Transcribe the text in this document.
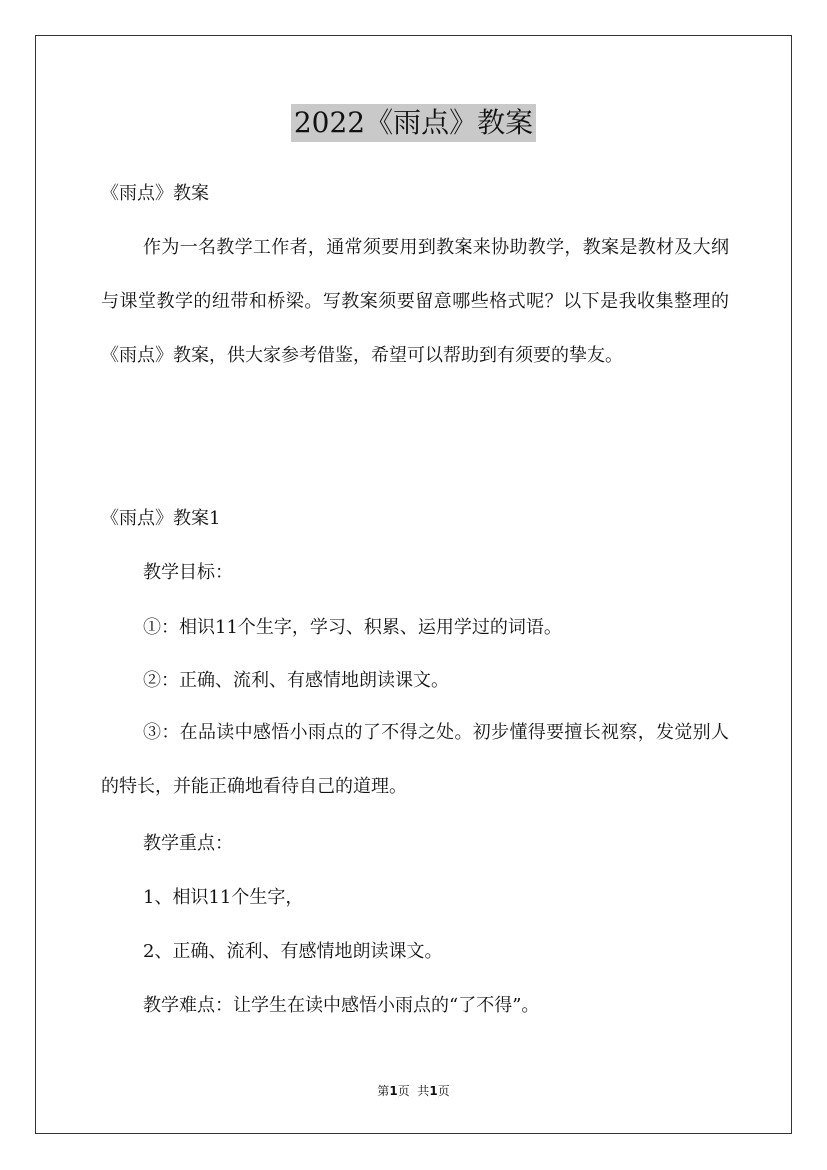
2022《雨点》教案
《雨点》教案
作为一名教学工作者，通常须要用到教案来协助教学，教案是教材及大纲与课堂教学的纽带和桥梁。写教案须要留意哪些格式呢？以下是我收集整理的《雨点》教案，供大家参考借鉴，希望可以帮助到有须要的挚友。
《雨点》教案1
教学目标：
①：相识11个生字，学习、积累、运用学过的词语。
②：正确、流利、有感情地朗读课文。
③：在品读中感悟小雨点的了不得之处。初步懂得要擅长视察，发觉别人的特长，并能正确地看待自己的道理。
教学重点：
1、相识11个生字，
2、正确、流利、有感情地朗读课文。
教学难点：让学生在读中感悟小雨点的“了不得”。
第1页  共1页
